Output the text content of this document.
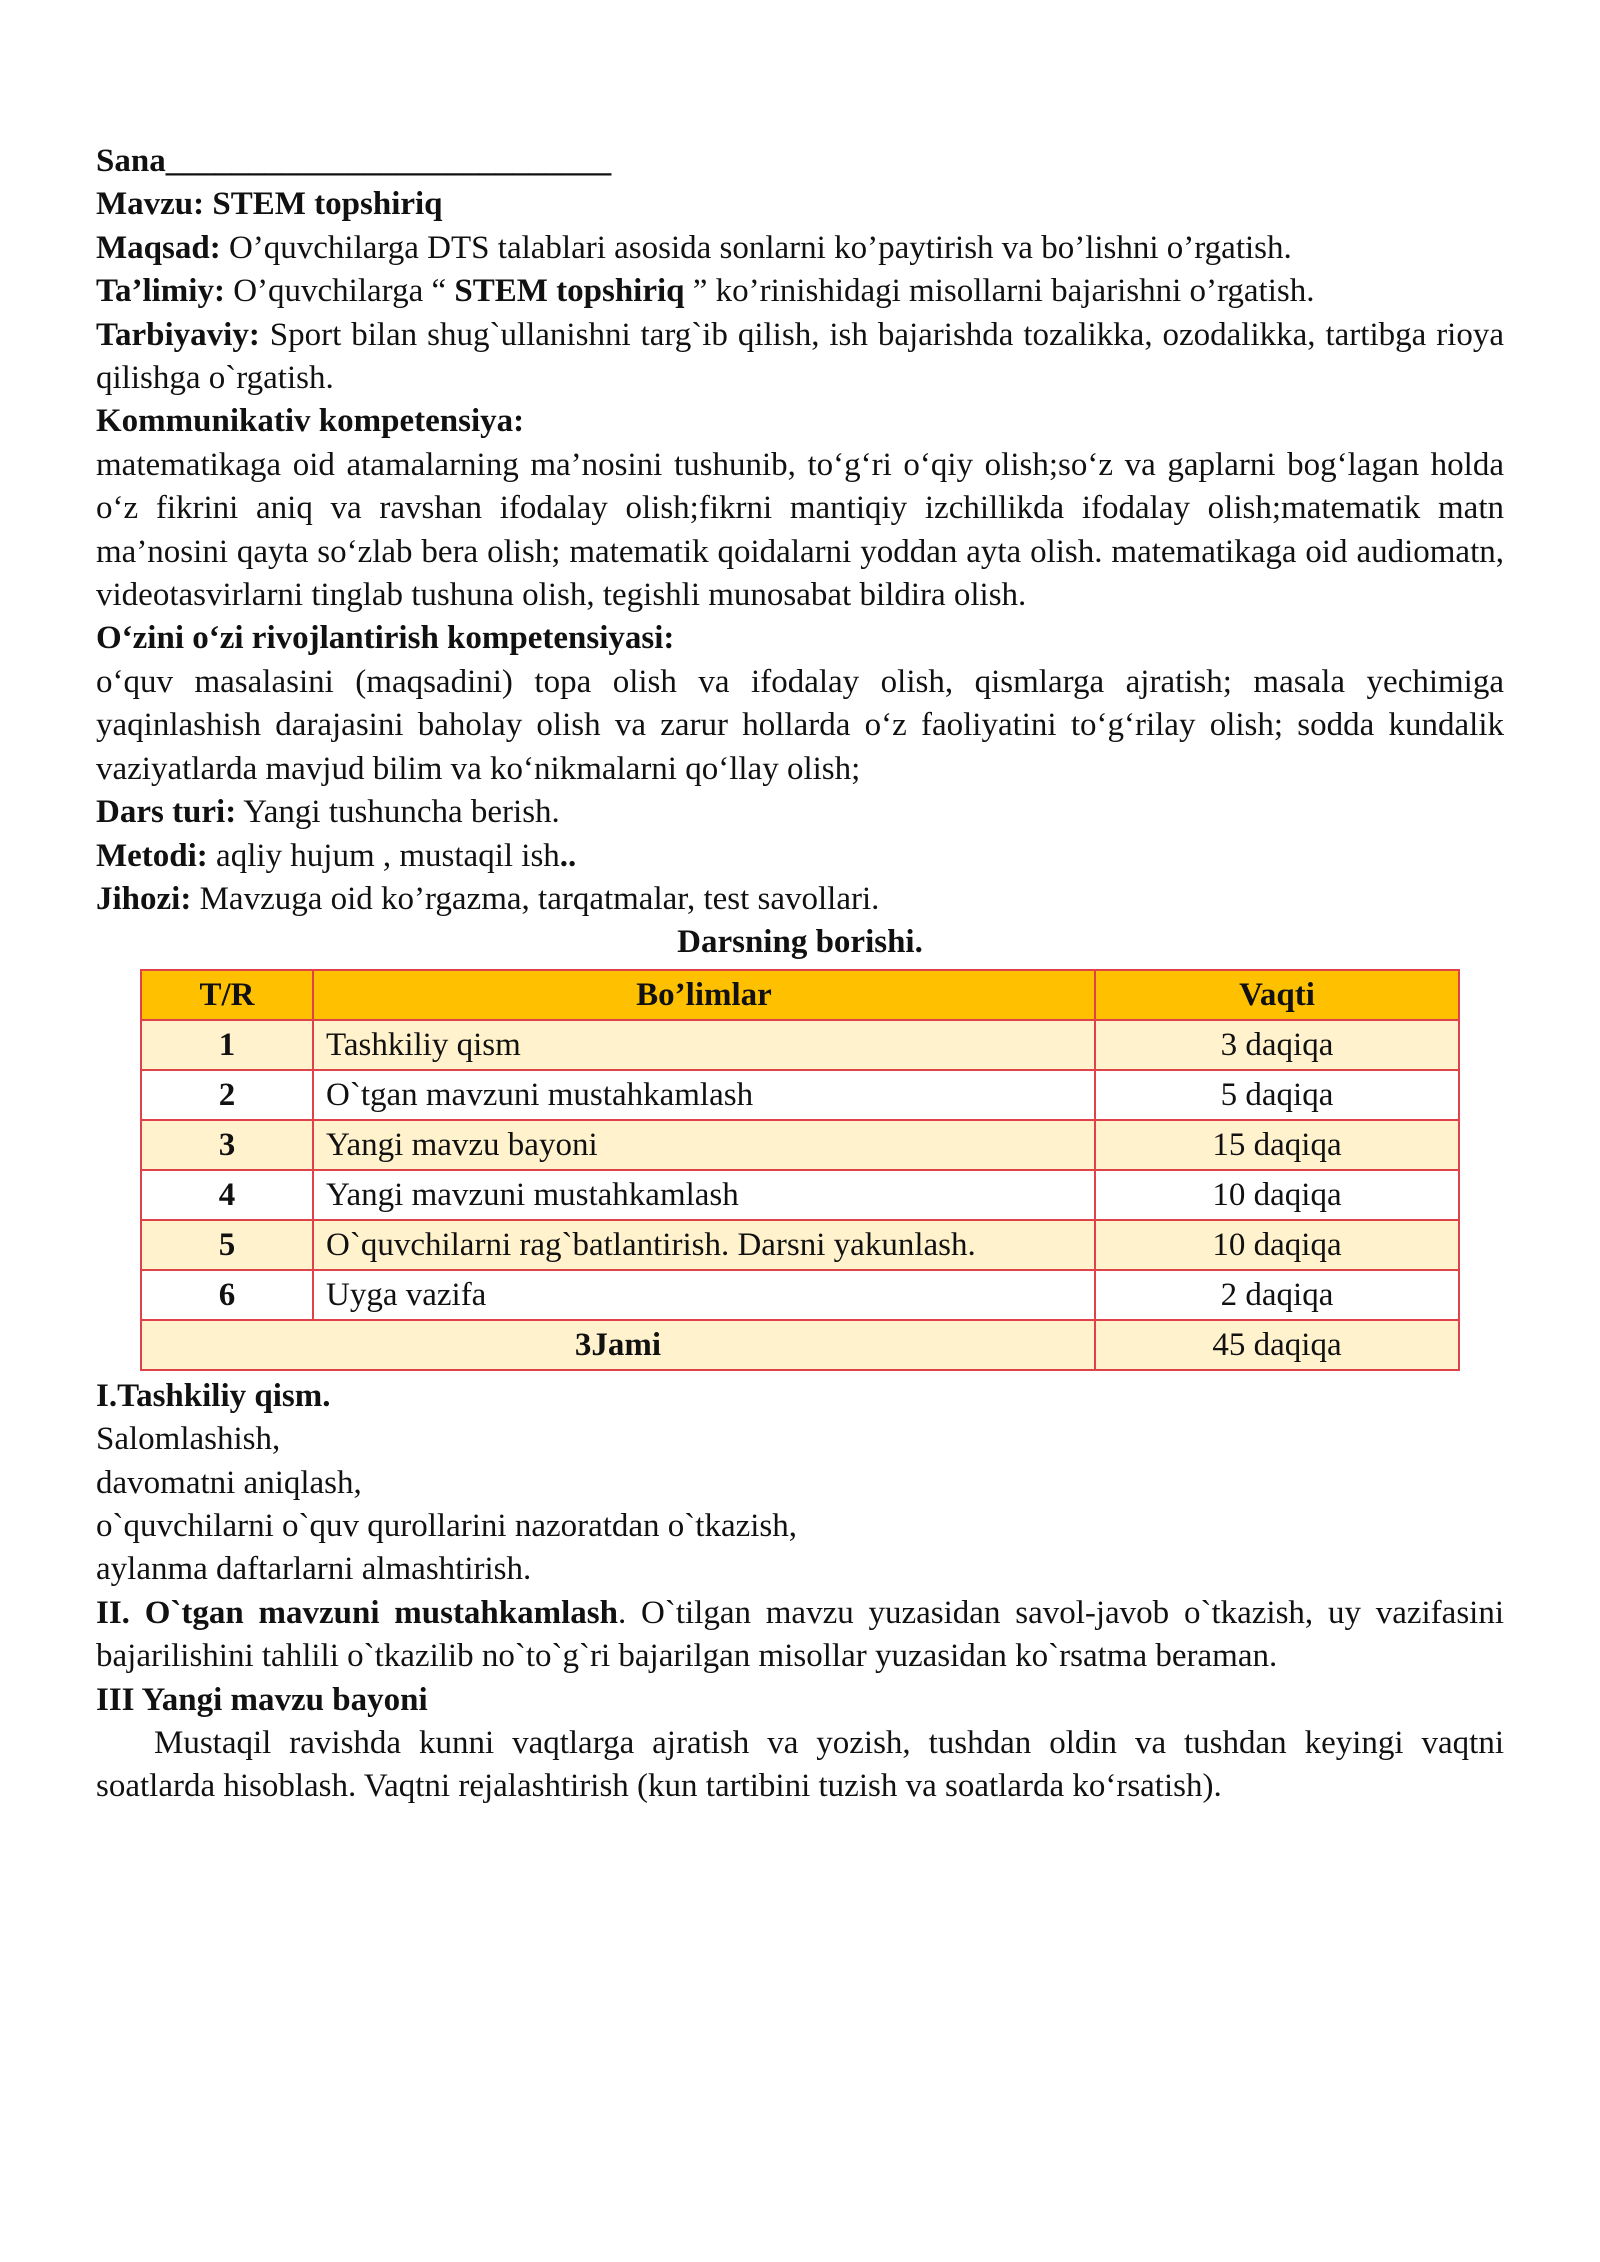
Sana___________________________

Mavzu: STEM topshiriq

Maqsad: O’quvchilarga DTS talablari asosida sonlarni ko’paytirish va bo’lishni o’rgatish.

Ta’limiy: O’quvchilarga “ STEM topshiriq ” ko’rinishidagi misollarni bajarishni o’rgatish.

Tarbiyaviy: Sport bilan shug`ullanishni targ`ib qilish, ish bajarishda tozalikka, ozodalikka, tartibga rioya qilishga o`rgatish.

Kommunikativ kompetensiya:

matematikaga oid atamalarning ma’nosini tushunib, to‘g‘ri o‘qiy olish;so‘z va gaplarni bog‘lagan holda o‘z fikrini aniq va ravshan ifodalay olish;fikrni mantiqiy izchillikda ifodalay olish;matematik matn ma’nosini qayta so‘zlab bera olish; matematik qoidalarni yoddan ayta olish. matematikaga oid audiomatn, videotasvirlarni tinglab tushuna olish, tegishli munosabat bildira olish.

O‘zini o‘zi rivojlantirish kompetensiyasi:

o‘quv masalasini (maqsadini) topa olish va ifodalay olish, qismlarga ajratish; masala yechimiga yaqinlashish darajasini baholay olish va zarur hollarda o‘z faoliyatini to‘g‘rilay olish; sodda kundalik vaziyatlarda mavjud bilim va ko‘nikmalarni qo‘llay olish;

Dars turi: Yangi tushuncha berish.

Metodi: aqliy hujum , mustaqil ish..

Jihozi: Mavzuga oid ko’rgazma, tarqatmalar, test savollari.

Darsning borishi.

T/R	Bo’limlar	Vaqti
1	Tashkiliy qism	3 daqiqa
2	O`tgan mavzuni mustahkamlash	5 daqiqa
3	Yangi mavzu bayoni	15 daqiqa
4	Yangi mavzuni mustahkamlash	10 daqiqa
5	O`quvchilarni rag`batlantirish. Darsni yakunlash.	10 daqiqa
6	Uyga vazifa	2 daqiqa
3Jami		45 daqiqa

I.Tashkiliy qism.

Salomlashish,

davomatni aniqlash,

o`quvchilarni o`quv qurollarini nazoratdan o`tkazish,

aylanma daftarlarni almashtirish.

II. O`tgan mavzuni mustahkamlash. O`tilgan mavzu yuzasidan savol-javob o`tkazish, uy vazifasini bajarilishini tahlili o`tkazilib no`to`g`ri bajarilgan misollar yuzasidan ko`rsatma beraman.

III Yangi mavzu bayoni

Mustaqil ravishda kunni vaqtlarga ajratish va yozish, tushdan oldin va tushdan keyingi vaqtni soatlarda hisoblash. Vaqtni rejalashtirish (kun tartibini tuzish va soatlarda ko‘rsatish).
